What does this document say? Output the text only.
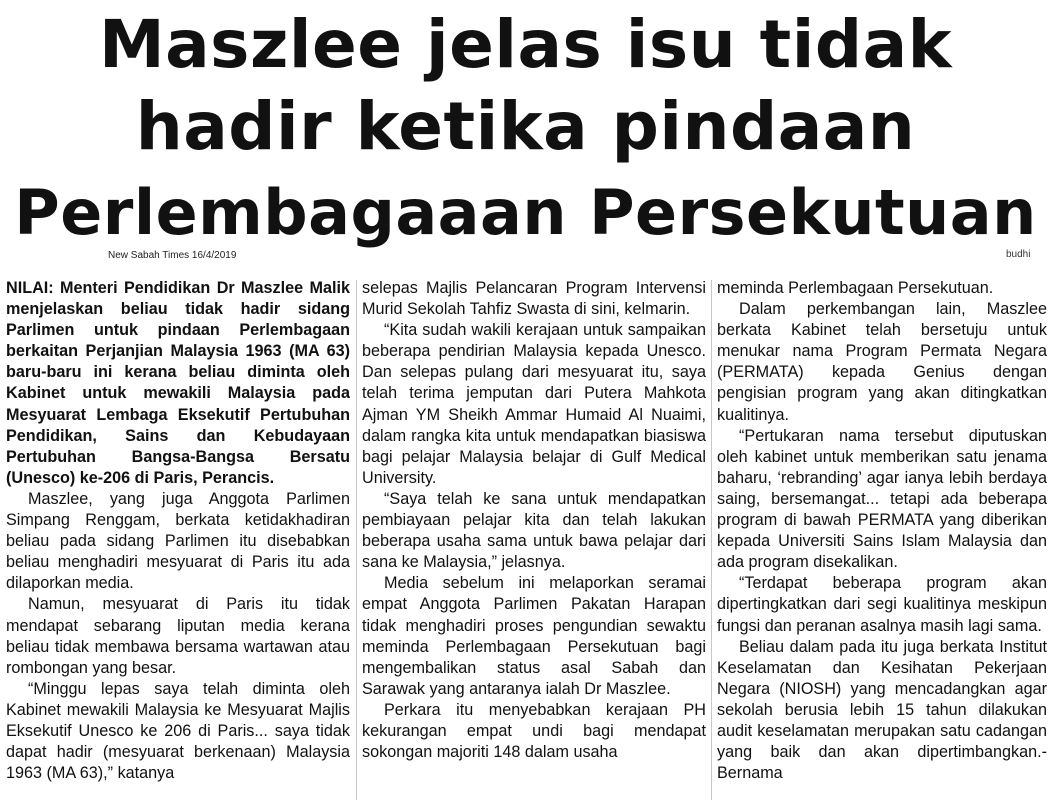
Maszlee jelas isu tidak
hadir ketika pindaan
Perlembagaaan Persekutuan
New Sabah Times 16/4/2019	budhi

NILAI: Menteri Pendidikan Dr Maszlee Malik menjelaskan beliau tidak hadir sidang Parlimen untuk pindaan Perlembagaan berkaitan Perjanjian Malaysia 1963 (MA 63) baru-baru ini kerana beliau diminta oleh Kabinet untuk mewakili Malaysia pada Mesyuarat Lembaga Eksekutif Pertubuhan Pendidikan, Sains dan Kebudayaan Pertubuhan Bangsa-Bangsa Bersatu (Unesco) ke-206 di Paris, Perancis.

Maszlee, yang juga Anggota Parlimen Simpang Renggam, berkata ketidakhadiran beliau pada sidang Parlimen itu disebabkan beliau menghadiri mesyuarat di Paris itu ada dilaporkan media.

Namun, mesyuarat di Paris itu tidak mendapat sebarang liputan media kerana beliau tidak membawa bersama wartawan atau rombongan yang besar.

“Minggu lepas saya telah diminta oleh Kabinet mewakili Malaysia ke Mesyuarat Majlis Eksekutif Unesco ke 206 di Paris... saya tidak dapat hadir (mesyuarat berkenaan) Malaysia 1963 (MA 63),” katanya

selepas Majlis Pelancaran Program Intervensi Murid Sekolah Tahfiz Swasta di sini, kelmarin.

“Kita sudah wakili kerajaan untuk sampaikan beberapa pendirian Malaysia kepada Unesco. Dan selepas pulang dari mesyuarat itu, saya telah terima jemputan dari Putera Mahkota Ajman YM Sheikh Ammar Humaid Al Nuaimi, dalam rangka kita untuk mendapatkan biasiswa bagi pelajar Malaysia belajar di Gulf Medical University.

“Saya telah ke sana untuk mendapatkan pembiayaan pelajar kita dan telah lakukan beberapa usaha sama untuk bawa pelajar dari sana ke Malaysia,” jelasnya.

Media sebelum ini melaporkan seramai empat Anggota Parlimen Pakatan Harapan tidak menghadiri proses pengundian sewaktu meminda Perlembagaan Persekutuan bagi mengembalikan status asal Sabah dan Sarawak yang antaranya ialah Dr Maszlee.

Perkara itu menyebabkan kerajaan PH kekurangan empat undi bagi mendapat sokongan majoriti 148 dalam usaha

meminda Perlembagaan Persekutuan.

Dalam perkembangan lain, Maszlee berkata Kabinet telah bersetuju untuk menukar nama Program Permata Negara (PERMATA) kepada Genius dengan pengisian program yang akan ditingkatkan kualitinya.

“Pertukaran nama tersebut diputuskan oleh kabinet untuk memberikan satu jenama baharu, ‘rebranding’ agar ianya lebih berdaya saing, bersemangat... tetapi ada beberapa program di bawah PERMATA yang diberikan kepada Universiti Sains Islam Malaysia dan ada program disekalikan.

“Terdapat beberapa program akan dipertingkatkan dari segi kualitinya meskipun fungsi dan peranan asalnya masih lagi sama.

Beliau dalam pada itu juga berkata Institut Keselamatan dan Kesihatan Pekerjaan Negara (NIOSH) yang mencadangkan agar sekolah berusia lebih 15 tahun dilakukan audit keselamatan merupakan satu cadangan yang baik dan akan dipertimbangkan.-Bernama
